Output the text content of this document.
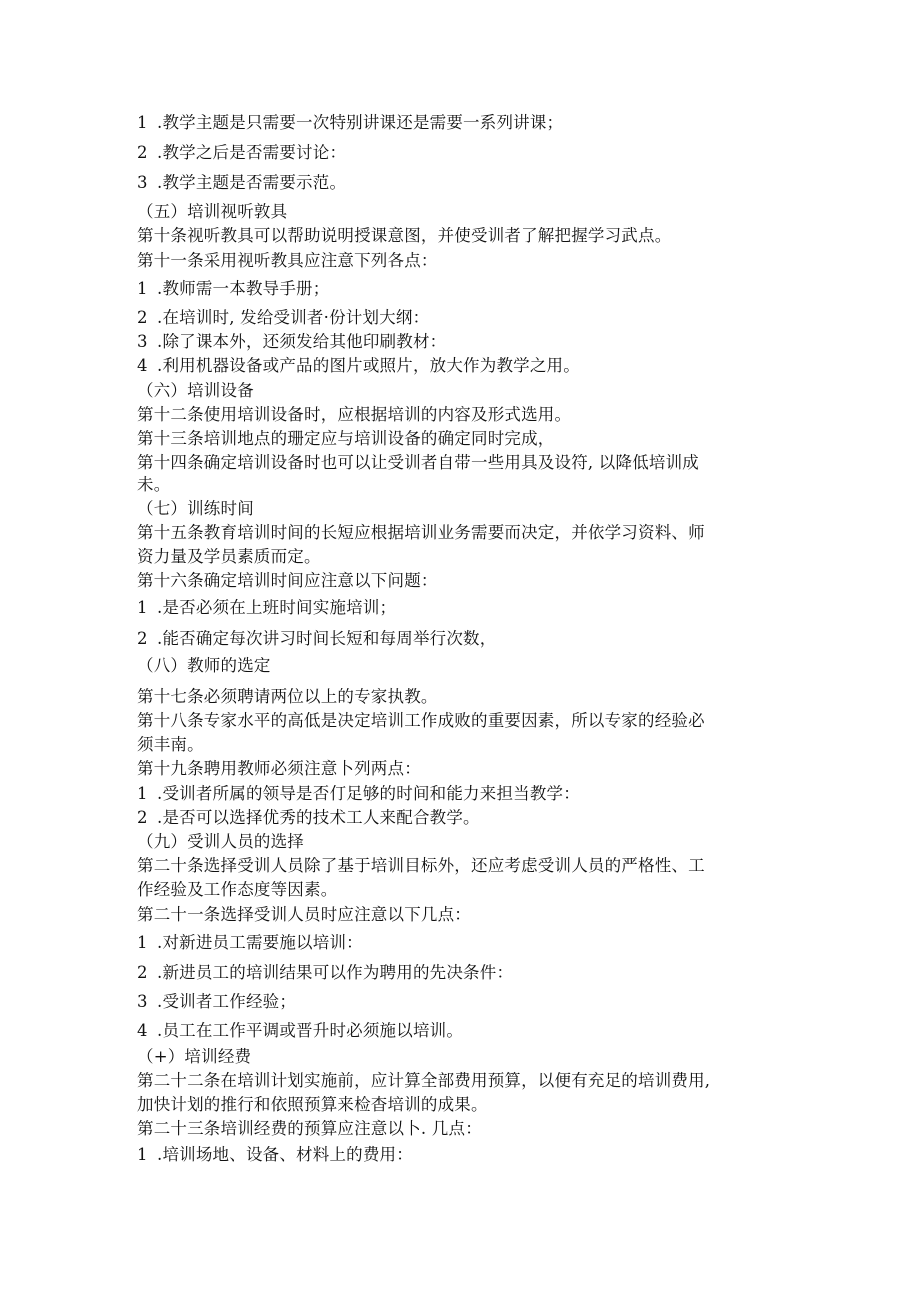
1 .教学主题是只需要一次特别讲课还是需要一系列讲课；
2 .教学之后是否需要讨论：
3 .教学主题是否需要示范。
（五）培训视听敦具
第十条视听教具可以帮助说明授课意图，并使受训者了解把握学习武点。
第十一条采用视听教具应注意下列各点：
1 .教师需一本教导手册；
2 .在培训时, 发给受训者·份计划大纲：
3 .除了课本外，还须发给其他印刷教材：
4 .利用机器设备或产品的图片或照片，放大作为教学之用。
（六）培训设备
第十二条使用培训设备时，应根据培训的内容及形式选用。
第十三条培训地点的珊定应与培训设备的确定同时完成，
第十四条确定培训设备时也可以让受训者自带一些用具及设符, 以降低培训成
未。
（七）训练时间
第十五条教育培训时间的长短应根据培训业务需要而决定，并依学习资料、师
资力量及学员素质而定。
第十六条确定培训时间应注意以下问题：
1 .是否必须在上班时间实施培训；
2 .能否确定每次讲习时间长短和每周举行次数，
（八）教师的选定
第十七条必须聘请两位以上的专家执教。
第十八条专家水平的高低是决定培训工作成败的重要因素，所以专家的经验必
须丰南。
第十九条聘用教师必须注意卜列两点：
1 .受训者所属的领导是否仃足够的时间和能力来担当教学：
2 .是否可以选择优秀的技术工人来配合教学。
（九）受训人员的选择
第二十条选择受训人员除了基于培训目标外，还应考虑受训人员的严格性、工
作经验及工作态度等因素。
第二十一条选择受训人员时应注意以下几点：
1 .对新进员工需要施以培训：
2 .新进员工的培训结果可以作为聘用的先决条件：
3 .受训者工作经验；
4 .员工在工作平调或晋升时必须施以培训。
（+）培训经费
第二十二条在培训计划实施前，应计算全部费用预算，以便有充足的培训费用,
加快计划的推行和依照预算来检杳培训的成果。
第二十三条培训经费的预算应注意以卜. 几点：
1 .培训场地、设备、材料上的费用：
